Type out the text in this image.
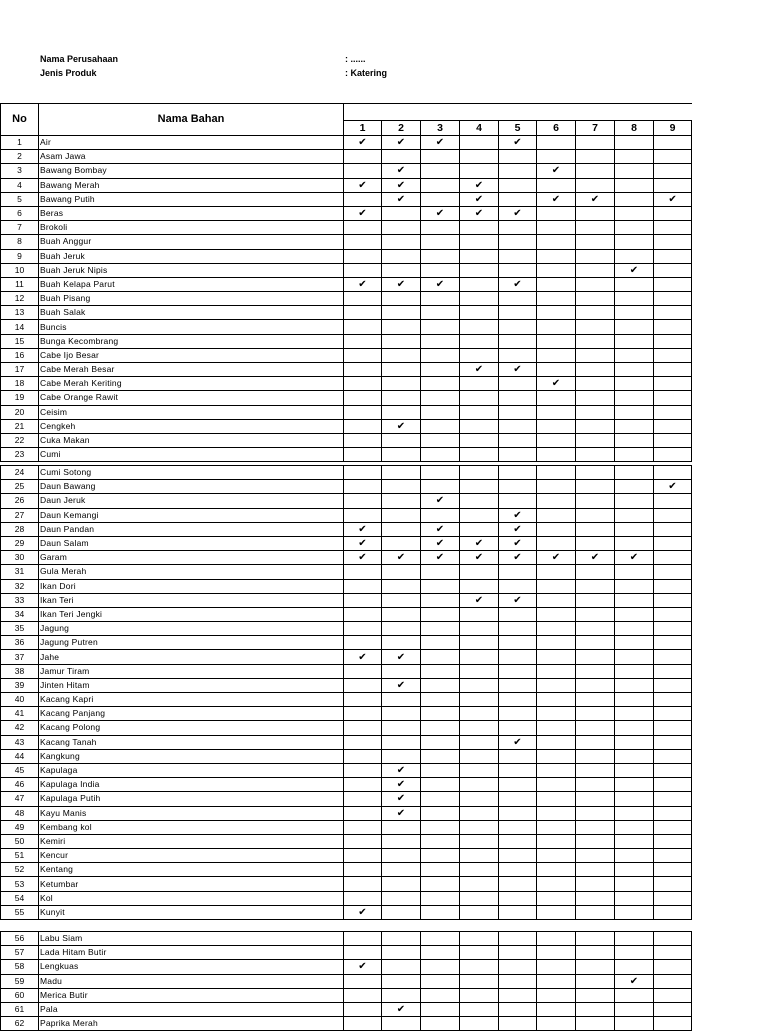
Nama Perusahaan	: ......
Jenis Produk	: Katering
No	Nama Bahan									
		1	2	3	4	5	6	7	8	9
1	Air	✔	✔	✔		✔				
2	Asam Jawa									
3	Bawang Bombay		✔				✔			
4	Bawang Merah	✔	✔		✔					
5	Bawang Putih		✔		✔		✔	✔		✔
6	Beras	✔		✔	✔	✔				
7	Brokoli									
8	Buah Anggur									
9	Buah Jeruk									
10	Buah Jeruk Nipis								✔	
11	Buah Kelapa Parut	✔	✔	✔		✔				
12	Buah Pisang									
13	Buah Salak									
14	Buncis									
15	Bunga Kecombrang									
16	Cabe Ijo Besar									
17	Cabe Merah Besar				✔	✔				
18	Cabe Merah Keriting						✔			
19	Cabe Orange Rawit									
20	Ceisim									
21	Cengkeh		✔							
22	Cuka Makan									
23	Cumi									
24	Cumi Sotong									
25	Daun Bawang									✔
26	Daun Jeruk			✔						
27	Daun Kemangi					✔				
28	Daun Pandan	✔		✔		✔				
29	Daun Salam	✔		✔	✔	✔				
30	Garam	✔	✔	✔	✔	✔	✔	✔	✔	
31	Gula Merah									
32	Ikan Dori									
33	Ikan Teri				✔	✔				
34	Ikan Teri Jengki									
35	Jagung									
36	Jagung Putren									
37	Jahe	✔	✔							
38	Jamur Tiram									
39	Jinten Hitam		✔							
40	Kacang Kapri									
41	Kacang Panjang									
42	Kacang Polong									
43	Kacang Tanah					✔				
44	Kangkung									
45	Kapulaga		✔							
46	Kapulaga India		✔							
47	Kapulaga Putih		✔							
48	Kayu Manis		✔							
49	Kembang kol									
50	Kemiri									
51	Kencur									
52	Kentang									
53	Ketumbar									
54	Kol									
55	Kunyit	✔								
56	Labu Siam									
57	Lada Hitam Butir									
58	Lengkuas	✔								
59	Madu								✔	
60	Merica Butir									
61	Pala		✔							
62	Paprika Merah									
